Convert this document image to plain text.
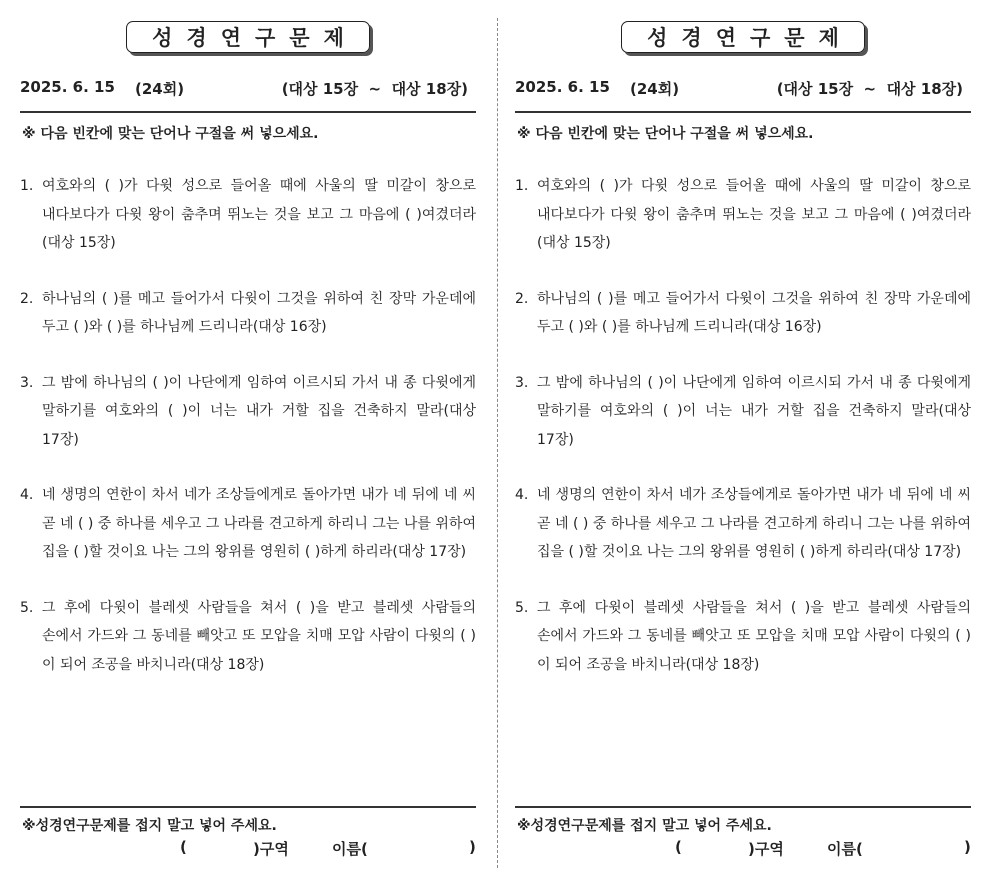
성경연구문제
2025. 6. 15 (24회)	(대상 15장  ~  대상 18장)
※ 다음 빈칸에 맞는 단어나 구절을 써 넣으세요.
1. 여호와의 ( )가 다윗 성으로 들어올 때에 사울의 딸 미갈이 창으로 내다보다가 다윗 왕이 춤추며 뛰노는 것을 보고 그 마음에 ( )여겼더라(대상 15장)
2. 하나님의 ( )를 메고 들어가서 다윗이 그것을 위하여 친 장막 가운데에 두고 ( )와 ( )를 하나님께 드리니라(대상 16장)
3. 그 밤에 하나님의 ( )이 나단에게 임하여 이르시되 가서 내 종 다윗에게 말하기를 여호와의 ( )이 너는 내가 거할 집을 건축하지 말라(대상 17장)
4. 네 생명의 연한이 차서 네가 조상들에게로 돌아가면 내가 네 뒤에 네 씨 곧 네 ( ) 중 하나를 세우고 그 나라를 견고하게 하리니 그는 나를 위하여 집을 ( )할 것이요 나는 그의 왕위를 영원히 ( )하게 하리라(대상 17장)
5. 그 후에 다윗이 블레셋 사람들을 쳐서 ( )을 받고 블레셋 사람들의 손에서 가드와 그 동네를 빼앗고 또 모압을 치매 모압 사람이 다윗의 ( )이 되어 조공을 바치니라(대상 18장)
※성경연구문제를 접지 말고 넣어 주세요.
(	)구역	이름(	)
성경연구문제
2025. 6. 15 (24회)	(대상 15장  ~  대상 18장)
※ 다음 빈칸에 맞는 단어나 구절을 써 넣으세요.
1. 여호와의 ( )가 다윗 성으로 들어올 때에 사울의 딸 미갈이 창으로 내다보다가 다윗 왕이 춤추며 뛰노는 것을 보고 그 마음에 ( )여겼더라(대상 15장)
2. 하나님의 ( )를 메고 들어가서 다윗이 그것을 위하여 친 장막 가운데에 두고 ( )와 ( )를 하나님께 드리니라(대상 16장)
3. 그 밤에 하나님의 ( )이 나단에게 임하여 이르시되 가서 내 종 다윗에게 말하기를 여호와의 ( )이 너는 내가 거할 집을 건축하지 말라(대상 17장)
4. 네 생명의 연한이 차서 네가 조상들에게로 돌아가면 내가 네 뒤에 네 씨 곧 네 ( ) 중 하나를 세우고 그 나라를 견고하게 하리니 그는 나를 위하여 집을 ( )할 것이요 나는 그의 왕위를 영원히 ( )하게 하리라(대상 17장)
5. 그 후에 다윗이 블레셋 사람들을 쳐서 ( )을 받고 블레셋 사람들의 손에서 가드와 그 동네를 빼앗고 또 모압을 치매 모압 사람이 다윗의 ( )이 되어 조공을 바치니라(대상 18장)
※성경연구문제를 접지 말고 넣어 주세요.
(	)구역	이름(	)
